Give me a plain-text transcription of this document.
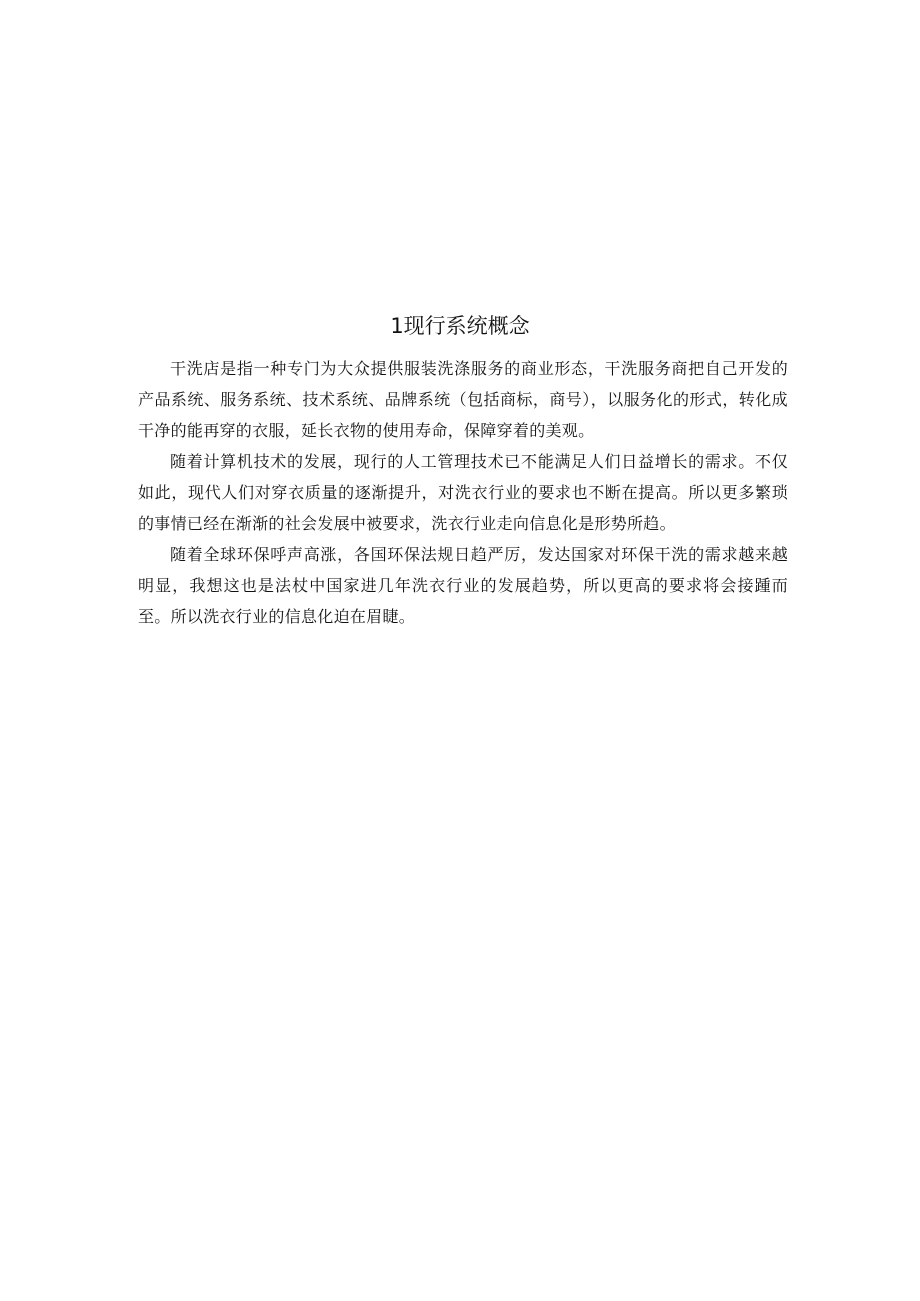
1现行系统概念

干洗店是指一种专门为大众提供服装洗涤服务的商业形态，干洗服务商把自己开发的产品系统、服务系统、技术系统、品牌系统（包括商标，商号），以服务化的形式，转化成干净的能再穿的衣服，延长衣物的使用寿命，保障穿着的美观。

随着计算机技术的发展，现行的人工管理技术已不能满足人们日益增长的需求。不仅如此，现代人们对穿衣质量的逐渐提升，对洗衣行业的要求也不断在提高。所以更多繁琐的事情已经在渐渐的社会发展中被要求，洗衣行业走向信息化是形势所趋。

随着全球环保呼声高涨，各国环保法规日趋严厉，发达国家对环保干洗的需求越来越明显，我想这也是法杖中国家进几年洗衣行业的发展趋势，所以更高的要求将会接踵而至。所以洗衣行业的信息化迫在眉睫。
